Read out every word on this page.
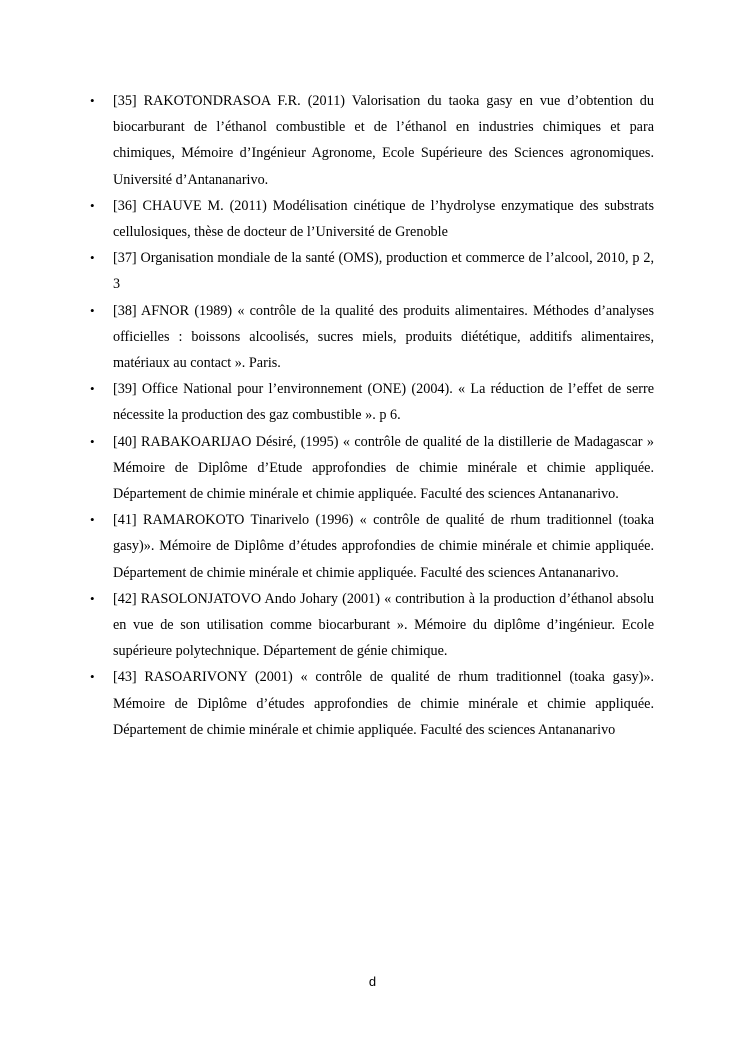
•	[35] RAKOTONDRASOA F.R. (2011) Valorisation du taoka gasy en vue d’obtention du biocarburant de l’éthanol combustible et de l’éthanol en industries chimiques et para chimiques, Mémoire d’Ingénieur Agronome, Ecole Supérieure des Sciences agronomiques. Université d’Antananarivo.
•	[36] CHAUVE M. (2011) Modélisation cinétique de l’hydrolyse enzymatique des substrats cellulosiques, thèse de docteur de l’Université de Grenoble
•	[37] Organisation mondiale de la santé (OMS), production et commerce de l’alcool, 2010, p 2, 3
•	[38] AFNOR (1989) « contrôle de la qualité des produits alimentaires. Méthodes d’analyses officielles : boissons alcoolisés, sucres miels, produits diététique, additifs alimentaires, matériaux au contact ». Paris.
•	[39] Office National pour l’environnement (ONE) (2004). « La réduction de l’effet de serre nécessite la production des gaz combustible ». p 6.
•	[40] RABAKOARIJAO Désiré, (1995) « contrôle de qualité de la distillerie de Madagascar » Mémoire de Diplôme d’Etude approfondies de chimie minérale et chimie appliquée. Département de chimie minérale et chimie appliquée. Faculté des sciences Antananarivo.
•	[41] RAMAROKOTO Tinarivelo (1996) « contrôle de qualité de rhum traditionnel (toaka gasy)». Mémoire de Diplôme d’études approfondies de chimie minérale et chimie appliquée. Département de chimie minérale et chimie appliquée. Faculté des sciences Antananarivo.
•	[42] RASOLONJATOVO Ando Johary (2001) « contribution à la production d’éthanol absolu en vue de son utilisation comme biocarburant ». Mémoire du diplôme d’ingénieur. Ecole supérieure polytechnique. Département de génie chimique.
•	[43] RASOARIVONY (2001) « contrôle de qualité de rhum traditionnel (toaka gasy)». Mémoire de Diplôme d’études approfondies de chimie minérale et chimie appliquée. Département de chimie minérale et chimie appliquée. Faculté des sciences Antananarivo
d
